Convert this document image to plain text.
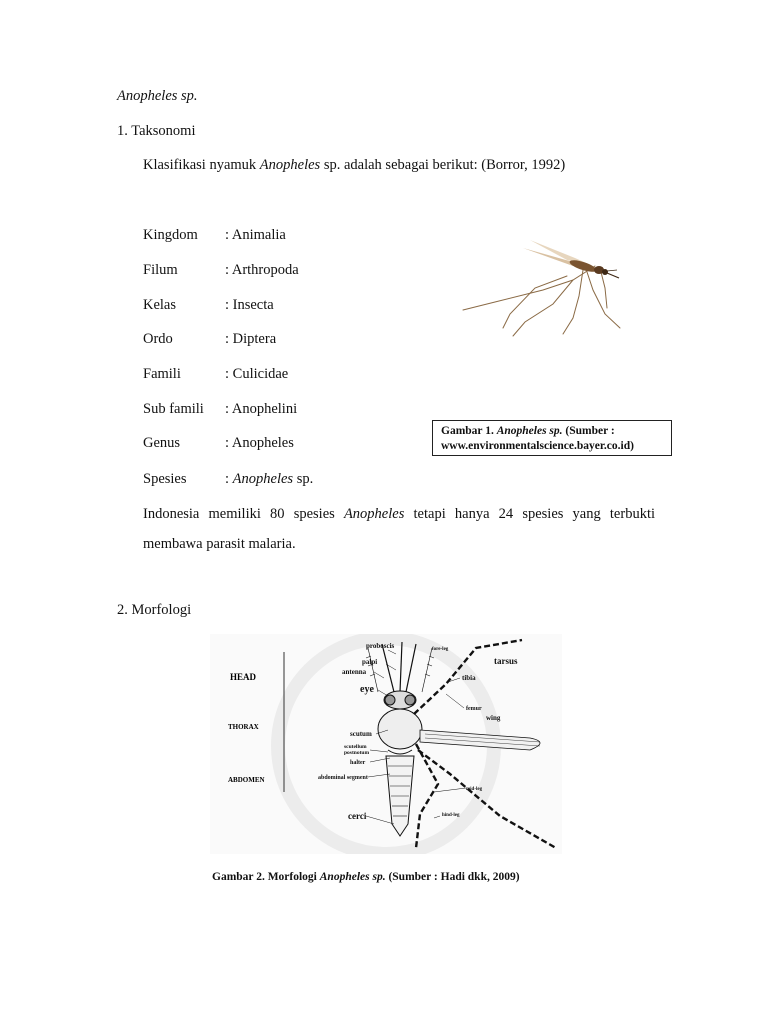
Anopheles sp.
1. Taksonomi
Klasifikasi nyamuk Anopheles sp. adalah sebagai berikut: (Borror, 1992)
Kingdom : Animalia
Filum	: Arthropoda
Kelas	: Insecta
Ordo	: Diptera
Famili	: Culicidae
Sub famili : Anophelini
Genus	: Anopheles
Spesies	: Anopheles sp.
Gambar 1. Anopheles sp. (Sumber :
www.environmentalscience.bayer.co.id)
Indonesia memiliki 80 spesies Anopheles tetapi hanya 24 spesies yang terbukti membawa parasit malaria.
2. Morfologi
HEAD
THORAX
ABDOMEN
proboscis	fore-leg
palpi
antenna
eye
scutum
scutellum
postnotum
halter
abdominal segment
cerci
tarsus
tibia
femur
wing
mid-leg
hind-leg
Gambar 2. Morfologi Anopheles sp. (Sumber : Hadi dkk, 2009)
